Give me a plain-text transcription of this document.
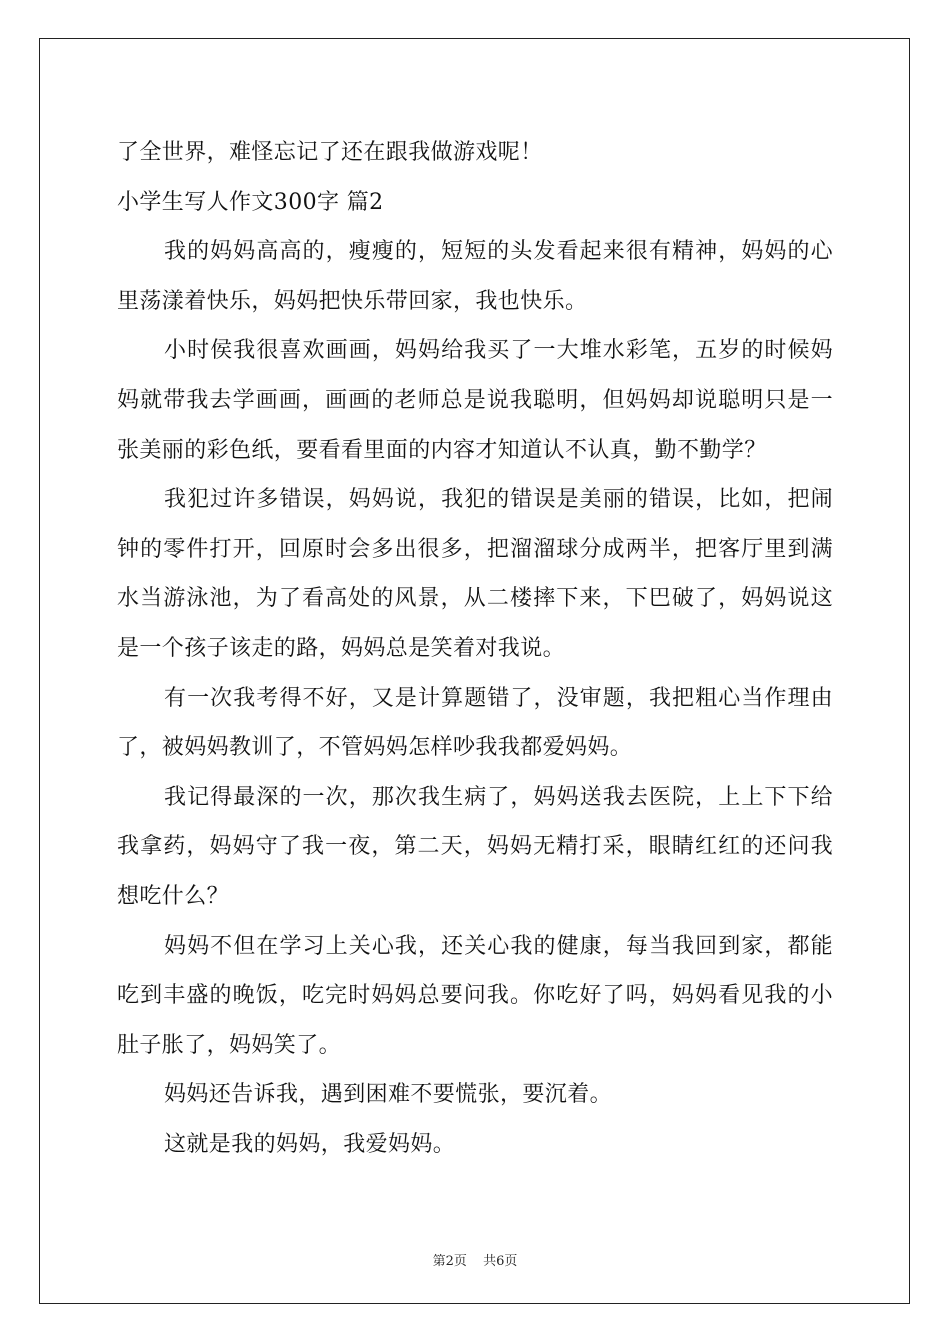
了全世界，难怪忘记了还在跟我做游戏呢！
小学生写人作文300字 篇2

我的妈妈高高的，瘦瘦的，短短的头发看起来很有精神，妈妈的心里荡漾着快乐，妈妈把快乐带回家，我也快乐。

小时侯我很喜欢画画，妈妈给我买了一大堆水彩笔，五岁的时候妈妈就带我去学画画，画画的老师总是说我聪明，但妈妈却说聪明只是一张美丽的彩色纸，要看看里面的内容才知道认不认真，勤不勤学？

我犯过许多错误，妈妈说，我犯的错误是美丽的错误，比如，把闹钟的零件打开，回原时会多出很多，把溜溜球分成两半，把客厅里到满水当游泳池，为了看高处的风景，从二楼摔下来，下巴破了，妈妈说这是一个孩子该走的路，妈妈总是笑着对我说。

有一次我考得不好，又是计算题错了，没审题，我把粗心当作理由了，被妈妈教训了，不管妈妈怎样吵我我都爱妈妈。

我记得最深的一次，那次我生病了，妈妈送我去医院，上上下下给我拿药，妈妈守了我一夜，第二天，妈妈无精打采，眼睛红红的还问我想吃什么？

妈妈不但在学习上关心我，还关心我的健康，每当我回到家，都能吃到丰盛的晚饭，吃完时妈妈总要问我。你吃好了吗，妈妈看见我的小肚子胀了，妈妈笑了。

妈妈还告诉我，遇到困难不要慌张，要沉着。

这就是我的妈妈，我爱妈妈。

第2页 共6页
